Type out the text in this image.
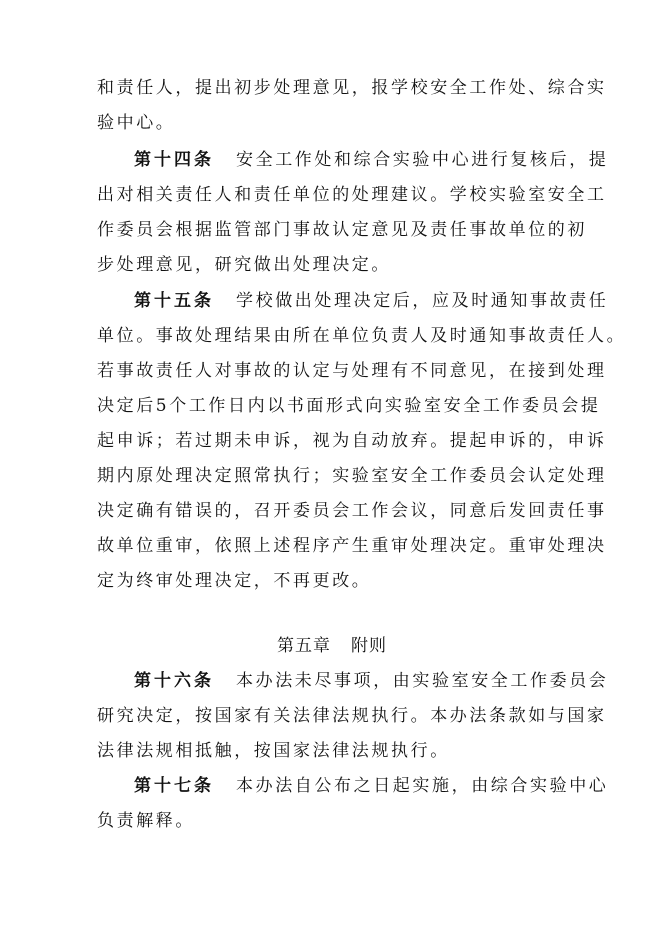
和责任人，提出初步处理意见，报学校安全工作处、综合实
验中心。
第十四条 安全工作处和综合实验中心进行复核后，提
出对相关责任人和责任单位的处理建议。学校实验室安全工
作委员会根据监管部门事故认定意见及责任事故单位的初
步处理意见，研究做出处理决定。
第十五条 学校做出处理决定后，应及时通知事故责任
单位。事故处理结果由所在单位负责人及时通知事故责任人。
若事故责任人对事故的认定与处理有不同意见，在接到处理
决定后5个工作日内以书面形式向实验室安全工作委员会提
起申诉；若过期未申诉，视为自动放弃。提起申诉的，申诉
期内原处理决定照常执行；实验室安全工作委员会认定处理
决定确有错误的，召开委员会工作会议，同意后发回责任事
故单位重审，依照上述程序产生重审处理决定。重审处理决
定为终审处理决定，不再更改。
第五章 附则
第十六条 本办法未尽事项，由实验室安全工作委员会
研究决定，按国家有关法律法规执行。本办法条款如与国家
法律法规相抵触，按国家法律法规执行。
第十七条 本办法自公布之日起实施，由综合实验中心
负责解释。
